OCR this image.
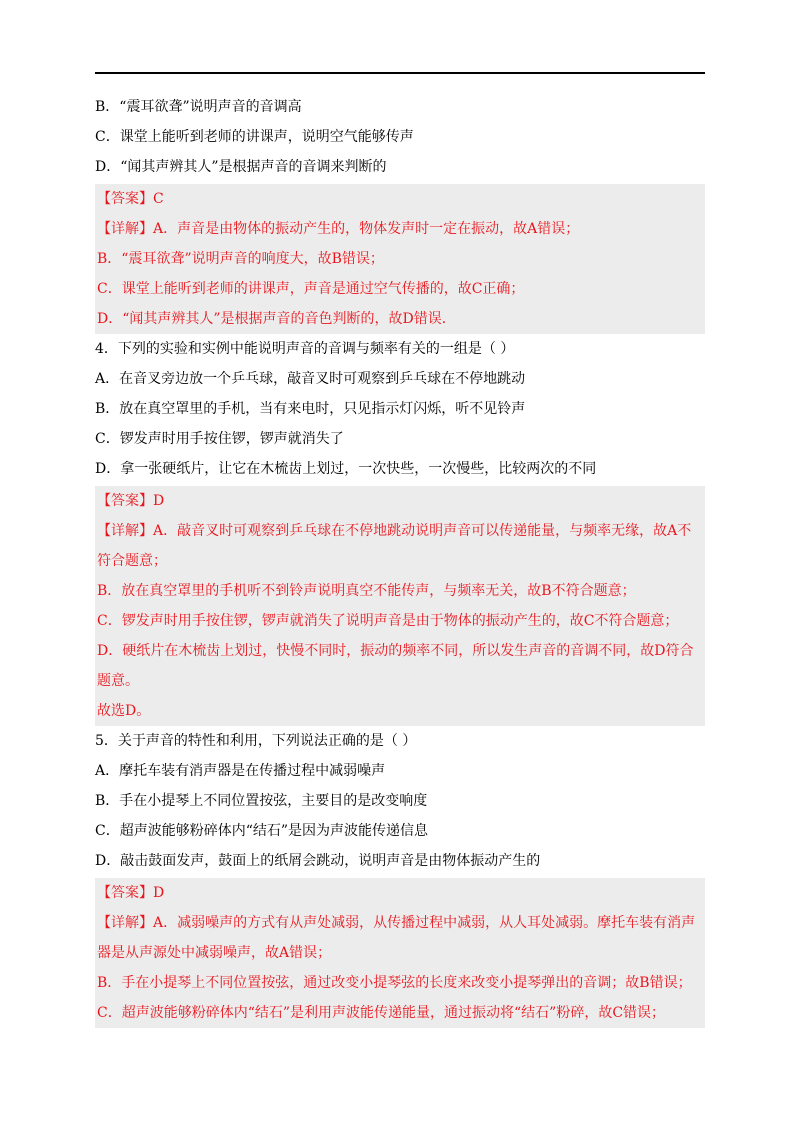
B．“震耳欲聋”说明声音的音调高

C．课堂上能听到老师的讲课声，说明空气能够传声

D．“闻其声辨其人”是根据声音的音调来判断的

【答案】C

【详解】A．声音是由物体的振动产生的，物体发声时一定在振动，故A错误；

B．“震耳欲聋”说明声音的响度大，故B错误；

C．课堂上能听到老师的讲课声，声音是通过空气传播的，故C正确；

D．“闻其声辨其人”是根据声音的音色判断的，故D错误．

4．下列的实验和实例中能说明声音的音调与频率有关的一组是（ ）

A．在音叉旁边放一个乒乓球，敲音叉时可观察到乒乓球在不停地跳动

B．放在真空罩里的手机，当有来电时，只见指示灯闪烁，听不见铃声

C．锣发声时用手按住锣，锣声就消失了

D．拿一张硬纸片，让它在木梳齿上划过，一次快些，一次慢些，比较两次的不同

【答案】D

【详解】A．敲音叉时可观察到乒乓球在不停地跳动说明声音可以传递能量，与频率无缘，故A不

符合题意；

B．放在真空罩里的手机听不到铃声说明真空不能传声，与频率无关，故B不符合题意；

C．锣发声时用手按住锣，锣声就消失了说明声音是由于物体的振动产生的，故C不符合题意；

D．硬纸片在木梳齿上划过，快慢不同时，振动的频率不同，所以发生声音的音调不同，故D符合

题意。

故选D。

5．关于声音的特性和利用，下列说法正确的是（ ）

A．摩托车装有消声器是在传播过程中减弱噪声

B．手在小提琴上不同位置按弦，主要目的是改变响度

C．超声波能够粉碎体内“结石”是因为声波能传递信息

D．敲击鼓面发声，鼓面上的纸屑会跳动，说明声音是由物体振动产生的

【答案】D

【详解】A．减弱噪声的方式有从声处减弱，从传播过程中减弱，从人耳处减弱。摩托车装有消声

器是从声源处中减弱噪声，故A错误；

B．手在小提琴上不同位置按弦，通过改变小提琴弦的长度来改变小提琴弹出的音调；故B错误；

C．超声波能够粉碎体内“结石”是利用声波能传递能量，通过振动将“结石”粉碎，故C错误；
